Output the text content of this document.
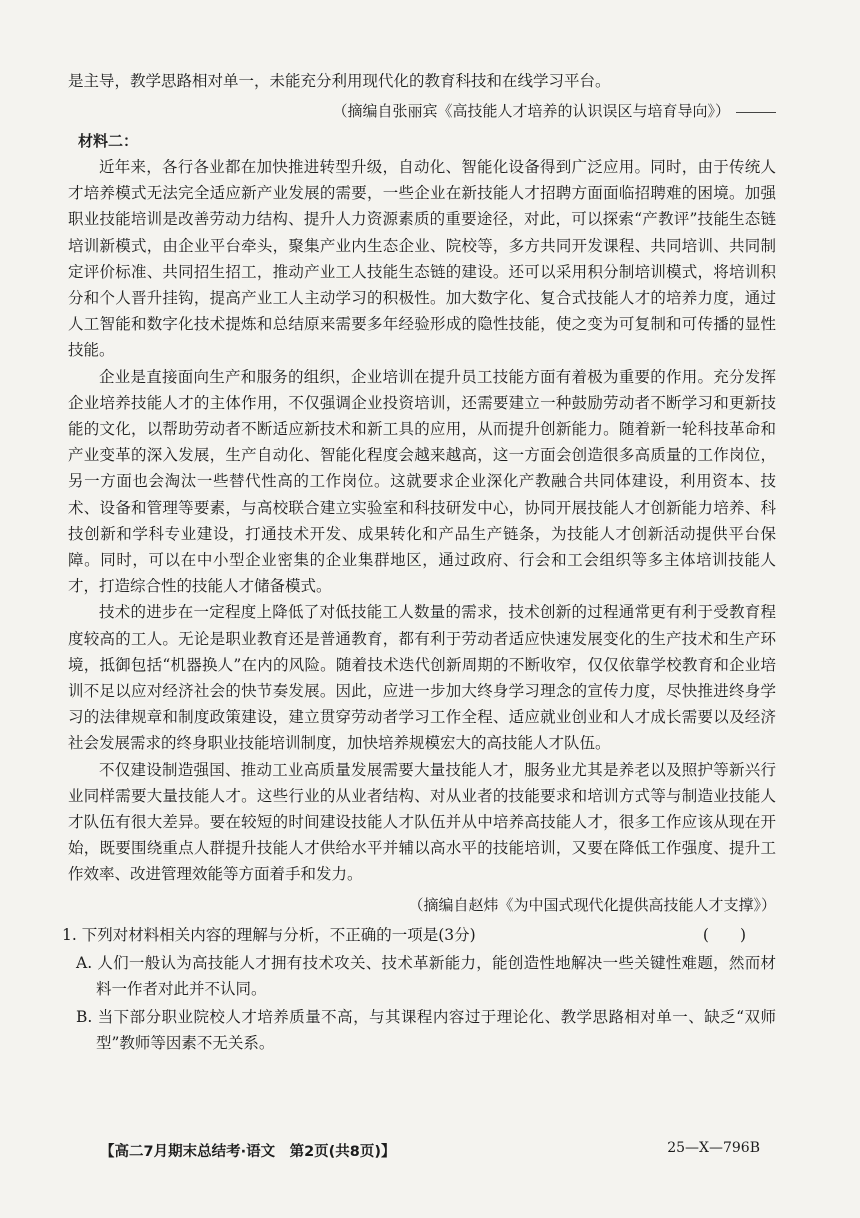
是主导，教学思路相对单一，未能充分利用现代化的教育科技和在线学习平台。

（摘编自张丽宾《高技能人才培养的认识误区与培育导向》）

材料二：

近年来，各行各业都在加快推进转型升级，自动化、智能化设备得到广泛应用。同时，由于传统人才培养模式无法完全适应新产业发展的需要，一些企业在新技能人才招聘方面面临招聘难的困境。加强职业技能培训是改善劳动力结构、提升人力资源素质的重要途径，对此，可以探索“产教评”技能生态链培训新模式，由企业平台牵头，聚集产业内生态企业、院校等，多方共同开发课程、共同培训、共同制定评价标准、共同招生招工，推动产业工人技能生态链的建设。还可以采用积分制培训模式，将培训积分和个人晋升挂钩，提高产业工人主动学习的积极性。加大数字化、复合式技能人才的培养力度，通过人工智能和数字化技术提炼和总结原来需要多年经验形成的隐性技能，使之变为可复制和可传播的显性技能。

企业是直接面向生产和服务的组织，企业培训在提升员工技能方面有着极为重要的作用。充分发挥企业培养技能人才的主体作用，不仅强调企业投资培训，还需要建立一种鼓励劳动者不断学习和更新技能的文化，以帮助劳动者不断适应新技术和新工具的应用，从而提升创新能力。随着新一轮科技革命和产业变革的深入发展，生产自动化、智能化程度会越来越高，这一方面会创造很多高质量的工作岗位，另一方面也会淘汰一些替代性高的工作岗位。这就要求企业深化产教融合共同体建设，利用资本、技术、设备和管理等要素，与高校联合建立实验室和科技研发中心，协同开展技能人才创新能力培养、科技创新和学科专业建设，打通技术开发、成果转化和产品生产链条，为技能人才创新活动提供平台保障。同时，可以在中小型企业密集的企业集群地区，通过政府、行会和工会组织等多主体培训技能人才，打造综合性的技能人才储备模式。

技术的进步在一定程度上降低了对低技能工人数量的需求，技术创新的过程通常更有利于受教育程度较高的工人。无论是职业教育还是普通教育，都有利于劳动者适应快速发展变化的生产技术和生产环境，抵御包括“机器换人”在内的风险。随着技术迭代创新周期的不断收窄，仅仅依靠学校教育和企业培训不足以应对经济社会的快节奏发展。因此，应进一步加大终身学习理念的宣传力度，尽快推进终身学习的法律规章和制度政策建设，建立贯穿劳动者学习工作全程、适应就业创业和人才成长需要以及经济社会发展需求的终身职业技能培训制度，加快培养规模宏大的高技能人才队伍。

不仅建设制造强国、推动工业高质量发展需要大量技能人才，服务业尤其是养老以及照护等新兴行业同样需要大量技能人才。这些行业的从业者结构、对从业者的技能要求和培训方式等与制造业技能人才队伍有很大差异。要在较短的时间建设技能人才队伍并从中培养高技能人才，很多工作应该从现在开始，既要围绕重点人群提升技能人才供给水平并辅以高水平的技能培训，又要在降低工作强度、提升工作效率、改进管理效能等方面着手和发力。

（摘编自赵炜《为中国式现代化提供高技能人才支撑》）

1. 下列对材料相关内容的理解与分析，不正确的一项是(3分)	(　　)

A. 人们一般认为高技能人才拥有技术攻关、技术革新能力，能创造性地解决一些关键性难题，然而材料一作者对此并不认同。

B. 当下部分职业院校人才培养质量不高，与其课程内容过于理论化、教学思路相对单一、缺乏“双师型”教师等因素不无关系。

【高二7月期末总结考·语文　第2页(共8页)】	25—X—796B
